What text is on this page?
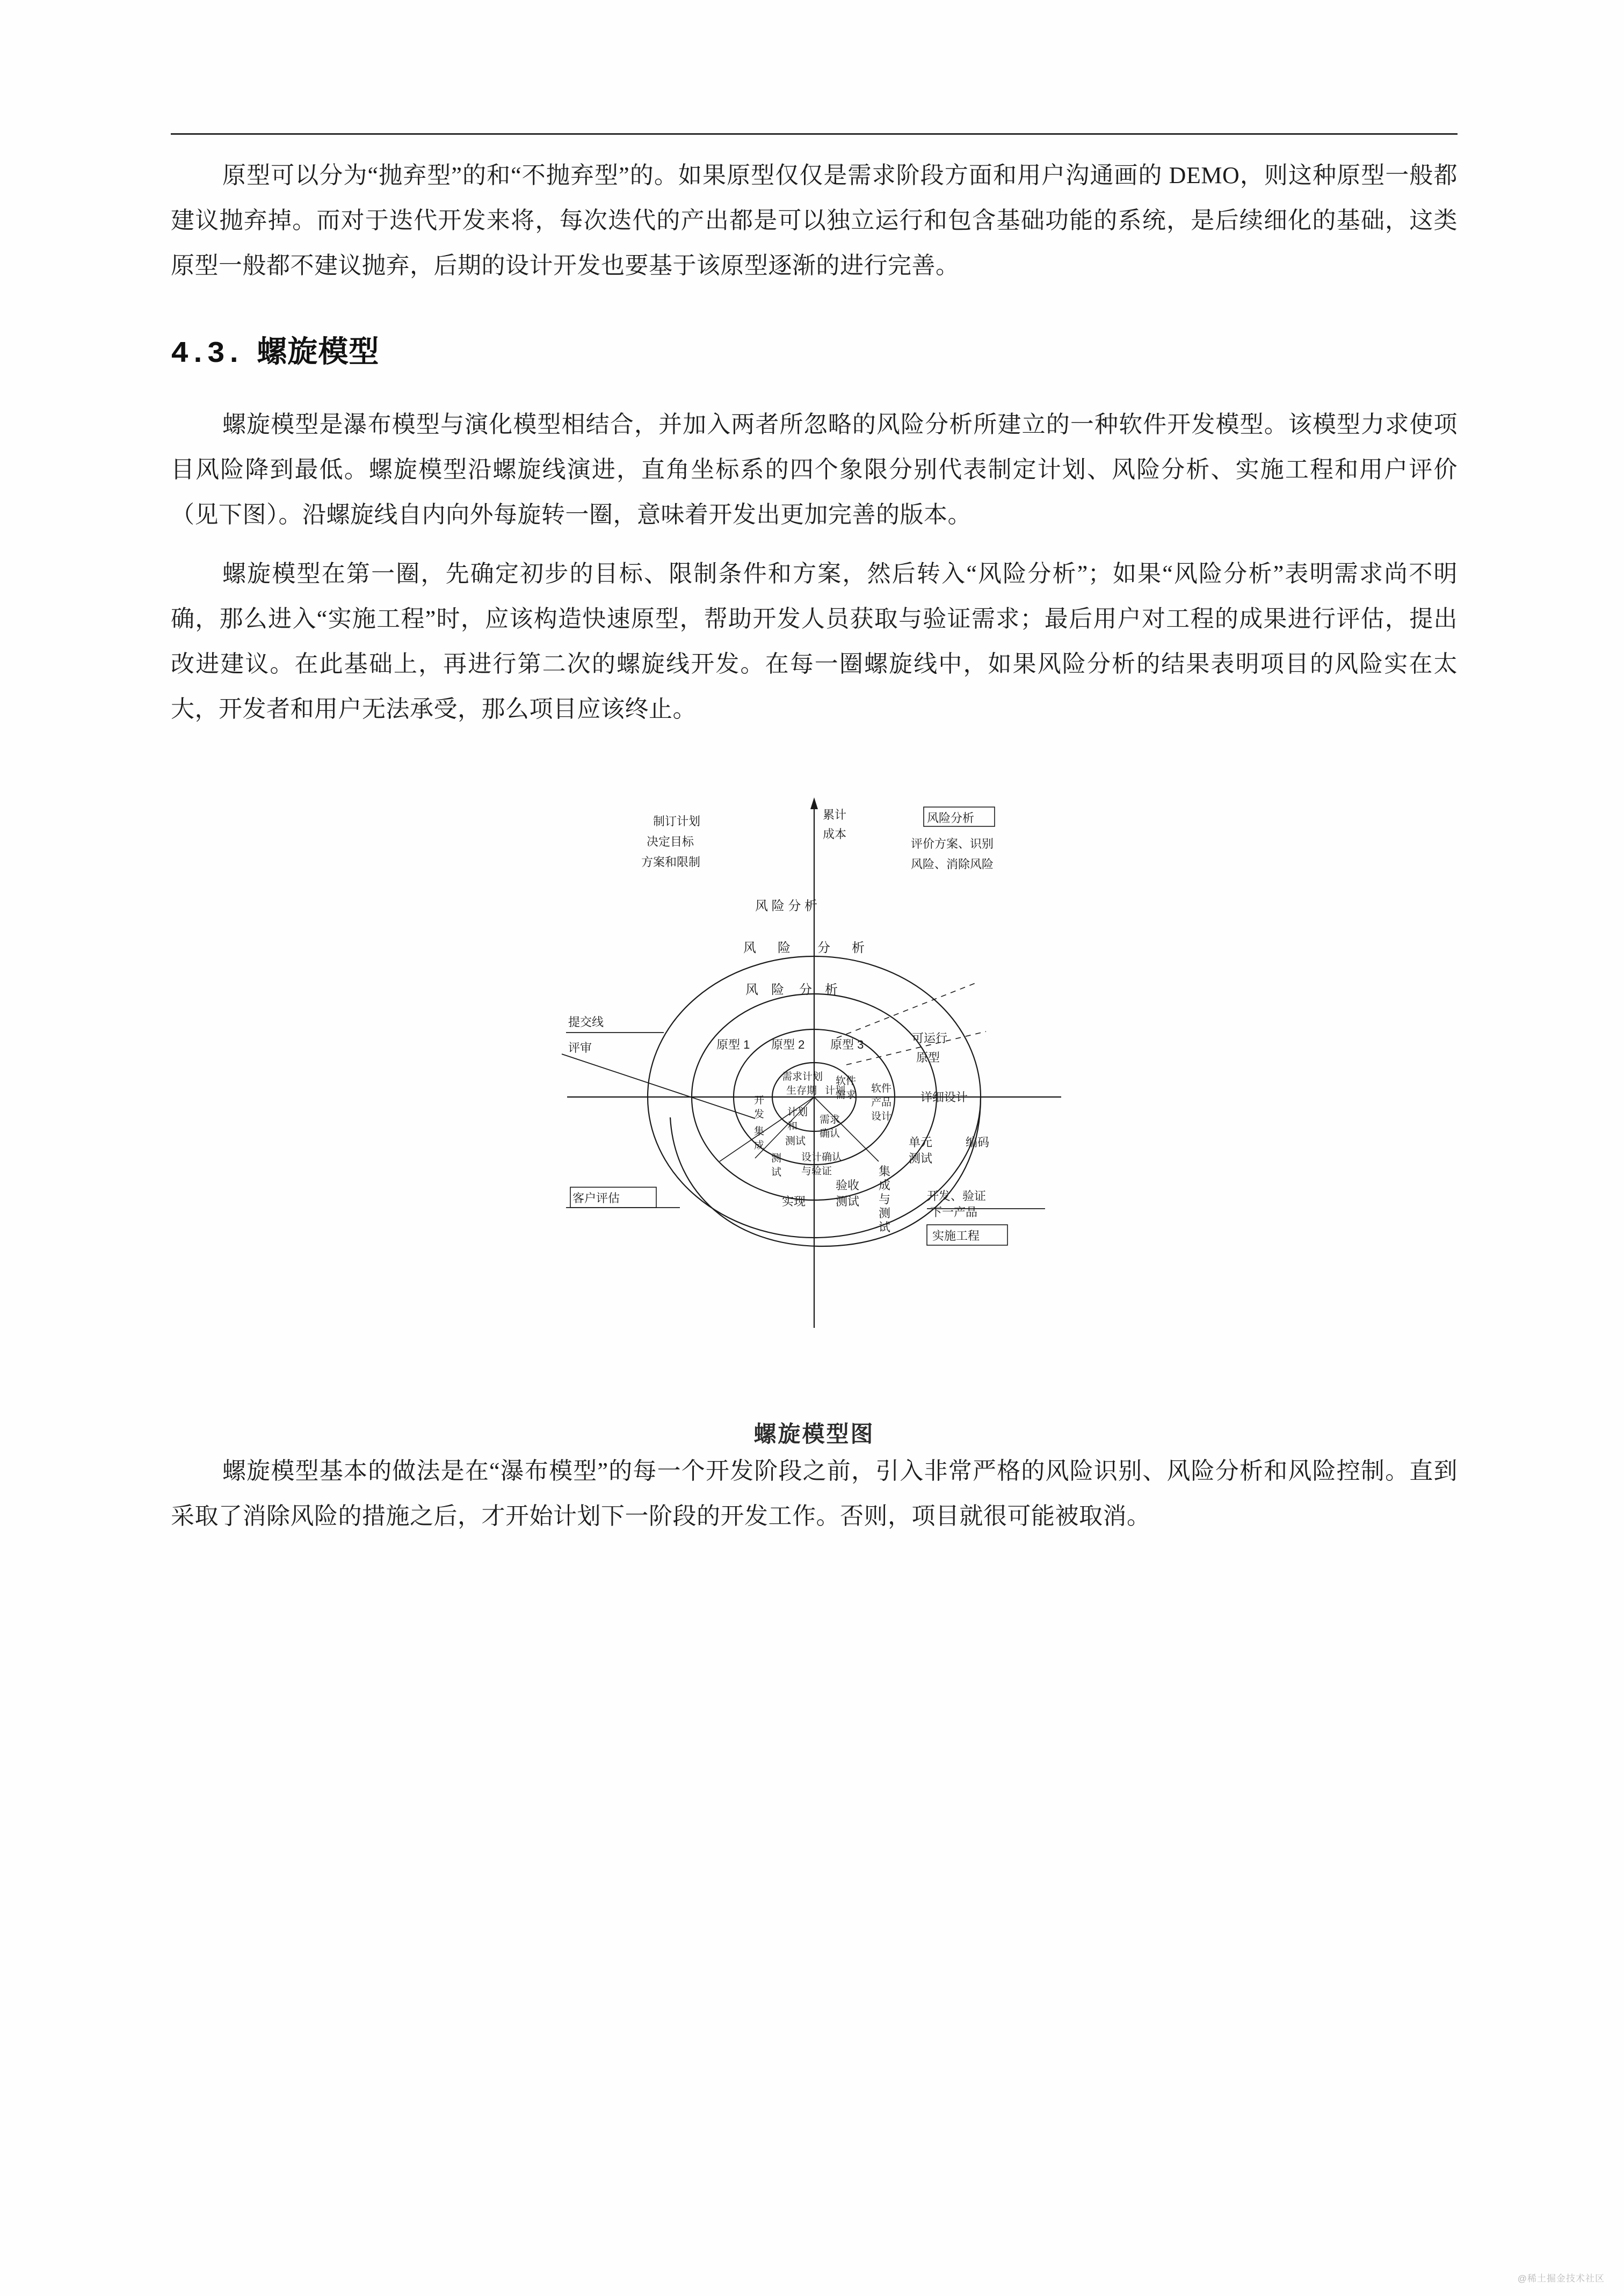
原型可以分为“抛弃型”的和“不抛弃型”的。如果原型仅仅是需求阶段方面和用户沟通画的 DEMO，则这种原型一般都建议抛弃掉。而对于迭代开发来将，每次迭代的产出都是可以独立运行和包含基础功能的系统，是后续细化的基础，这类原型一般都不建议抛弃，后期的设计开发也要基于该原型逐渐的进行完善。

4.3. 螺旋模型

螺旋模型是瀑布模型与演化模型相结合，并加入两者所忽略的风险分析所建立的一种软件开发模型。该模型力求使项目风险降到最低。螺旋模型沿螺旋线演进，直角坐标系的四个象限分别代表制定计划、风险分析、实施工程和用户评价（见下图）。沿螺旋线自内向外每旋转一圈，意味着开发出更加完善的版本。

螺旋模型在第一圈，先确定初步的目标、限制条件和方案，然后转入“风险分析”；如果“风险分析”表明需求尚不明确，那么进入“实施工程”时，应该构造快速原型，帮助开发人员获取与验证需求；最后用户对工程的成果进行评估，提出改进建议。在此基础上，再进行第二次的螺旋线开发。在每一圈螺旋线中，如果风险分析的结果表明项目的风险实在太大，开发者和用户无法承受，那么项目应该终止。

制订计划
决定目标
方案和限制
累计
成本
风险分析
评价方案、识别
风险、消除风险
风 险 分 析
风 险 分 析
风 险 分 析
原型 1 原型 2 原型 3	可运行
原型
提交线
评审
客户评估
需求计划
生存期 计划
开
发
集
成
测
试
计划
和
测试
需求
确认
软件
需求
设计确认
与验证
软件
产品
设计
详细设计
单元
测试
编码
验收
测试
集
成
与
测
试
实现	开发、验证
下一产品
实施工程
螺旋模型图

螺旋模型基本的做法是在“瀑布模型”的每一个开发阶段之前，引入非常严格的风险识别、风险分析和风险控制。直到采取了消除风险的措施之后，才开始计划下一阶段的开发工作。否则，项目就很可能被取消。

@稀土掘金技术社区
